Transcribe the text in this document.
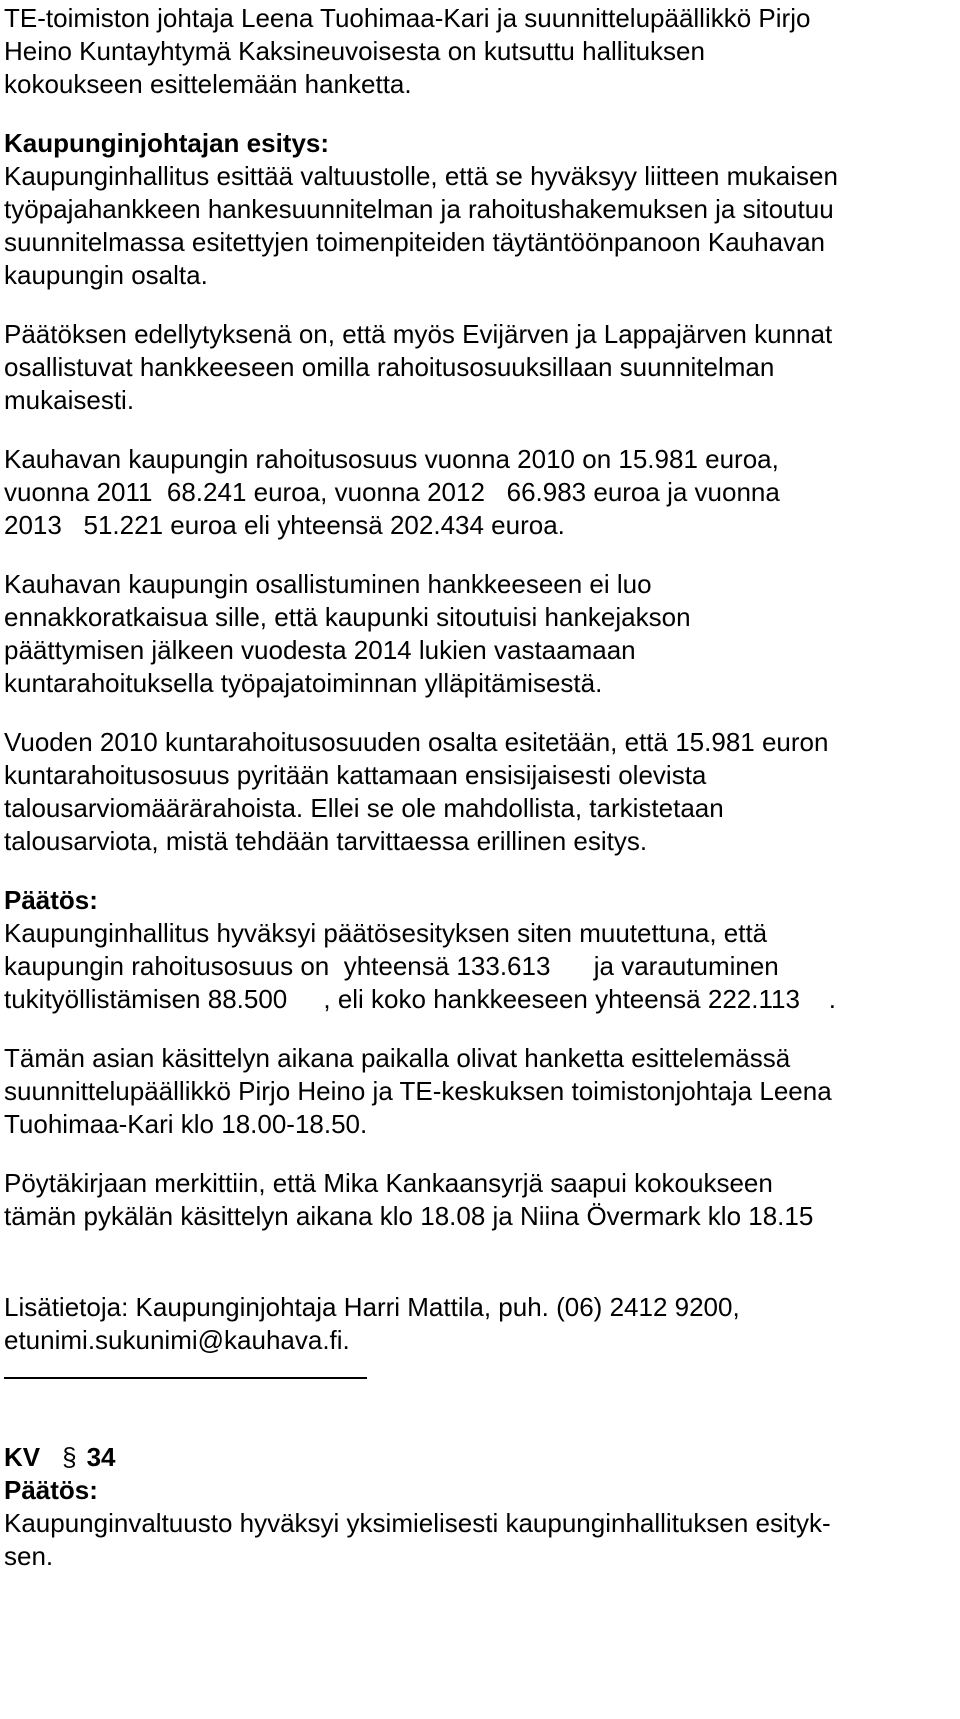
TE-toimiston johtaja Leena Tuohimaa-Kari ja suunnittelupäällikkö Pirjo
Heino Kuntayhtymä Kaksineuvoisesta on kutsuttu hallituksen
kokoukseen esittelemään hanketta.

Kaupunginjohtajan esitys:
Kaupunginhallitus esittää valtuustolle, että se hyväksyy liitteen mukaisen
työpajahankkeen hankesuunnitelman ja rahoitushakemuksen ja sitoutuu
suunnitelmassa esitettyjen toimenpiteiden täytäntöönpanoon Kauhavan
kaupungin osalta.

Päätöksen edellytyksenä on, että myös Evijärven ja Lappajärven kunnat
osallistuvat hankkeeseen omilla rahoitusosuuksillaan suunnitelman
mukaisesti.

Kauhavan kaupungin rahoitusosuus vuonna 2010 on 15.981 euroa,
vuonna 2011  68.241 euroa, vuonna 2012   66.983 euroa ja vuonna
2013   51.221 euroa eli yhteensä 202.434 euroa.

Kauhavan kaupungin osallistuminen hankkeeseen ei luo
ennakkoratkaisua sille, että kaupunki sitoutuisi hankejakson
päättymisen jälkeen vuodesta 2014 lukien vastaamaan
kuntarahoituksella työpajatoiminnan ylläpitämisestä.

Vuoden 2010 kuntarahoitusosuuden osalta esitetään, että 15.981 euron
kuntarahoitusosuus pyritään kattamaan ensisijaisesti olevista
talousarviomäärärahoista. Ellei se ole mahdollista, tarkistetaan
talousarviota, mistä tehdään tarvittaessa erillinen esitys.

Päätös:
Kaupunginhallitus hyväksyi päätösesityksen siten muutettuna, että
kaupungin rahoitusosuus on  yhteensä 133.613      ja varautuminen
tukityöllistämisen 88.500     , eli koko hankkeeseen yhteensä 222.113    .

Tämän asian käsittelyn aikana paikalla olivat hanketta esittelemässä
suunnittelupäällikkö Pirjo Heino ja TE-keskuksen toimistonjohtaja Leena
Tuohimaa-Kari klo 18.00-18.50.

Pöytäkirjaan merkittiin, että Mika Kankaansyrjä saapui kokoukseen
tämän pykälän käsittelyn aikana klo 18.08 ja Niina Övermark klo 18.15

Lisätietoja: Kaupunginjohtaja Harri Mattila, puh. (06) 2412 9200,
etunimi.sukunimi@kauhava.fi.

KV § 34
Päätös:
Kaupunginvaltuusto hyväksyi yksimielisesti kaupunginhallituksen esityk-
sen.
